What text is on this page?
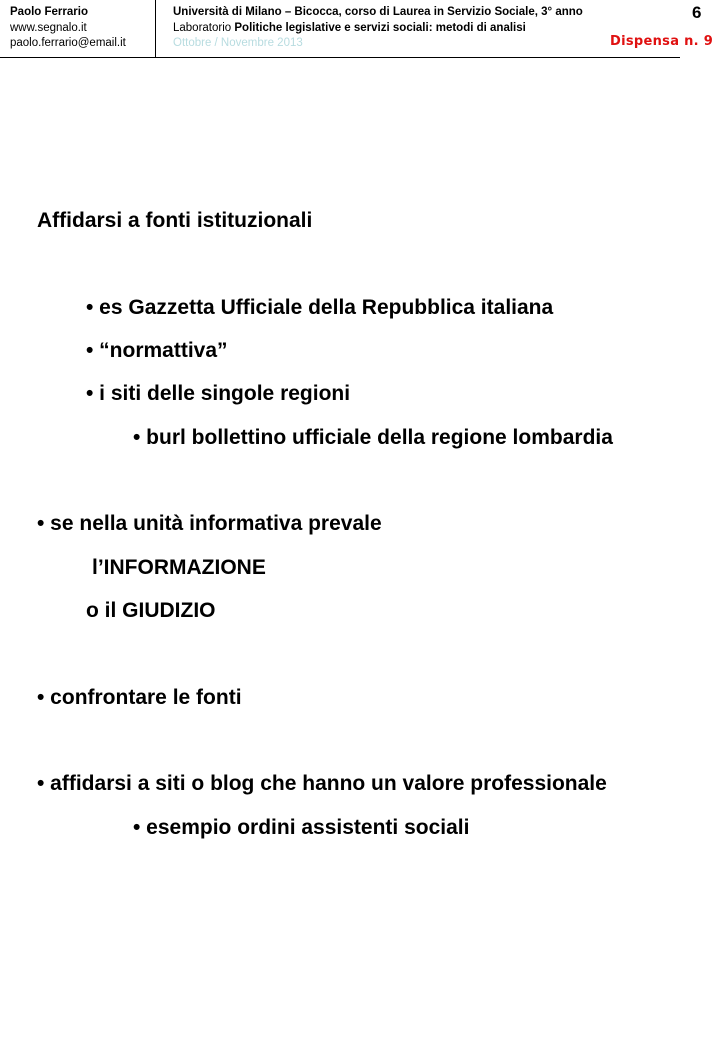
Paolo Ferrario
www.segnalo.it
paolo.ferrario@email.it
Università di Milano – Bicocca, corso di Laurea in Servizio Sociale, 3° anno
Laboratorio Politiche legislative e servizi sociali: metodi di analisi
Ottobre / Novembre 2013
6
Dispensa n. 9
Affidarsi a fonti istituzionali
• es Gazzetta Ufficiale della Repubblica italiana
• “normattiva”
• i siti delle singole regioni
• burl bollettino ufficiale della regione lombardia
• se nella unità informativa prevale
l’INFORMAZIONE
o il GIUDIZIO
• confrontare le fonti
• affidarsi a siti o blog che hanno un valore professionale
• esempio ordini assistenti sociali
